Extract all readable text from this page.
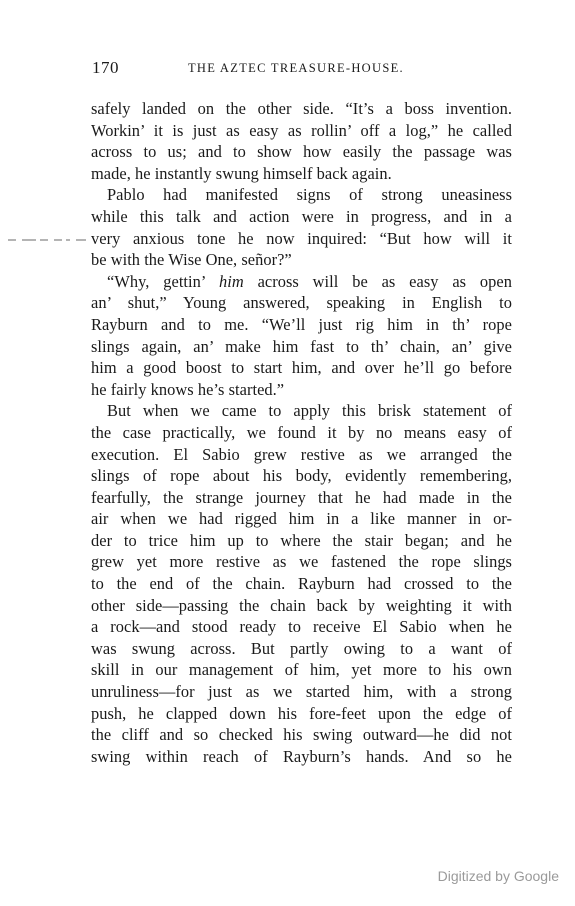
170	THE AZTEC TREASURE-HOUSE.
safely landed on the other side. “It’s a boss invention.
Workin’ it is just as easy as rollin’ off a log,” he called
across to us; and to show how easily the passage was
made, he instantly swung himself back again.
Pablo had manifested signs of strong uneasiness
while this talk and action were in progress, and in a
very anxious tone he now inquired: “But how will it
be with the Wise One, señor?”
“Why, gettin’ him across will be as easy as open
an’ shut,” Young answered, speaking in English to
Rayburn and to me. “We’ll just rig him in th’ rope
slings again, an’ make him fast to th’ chain, an’ give
him a good boost to start him, and over he’ll go before
he fairly knows he’s started.”
But when we came to apply this brisk statement of
the case practically, we found it by no means easy of
execution. El Sabio grew restive as we arranged the
slings of rope about his body, evidently remembering,
fearfully, the strange journey that he had made in the
air when we had rigged him in a like manner in or-
der to trice him up to where the stair began; and he
grew yet more restive as we fastened the rope slings
to the end of the chain. Rayburn had crossed to the
other side—passing the chain back by weighting it with
a rock—and stood ready to receive El Sabio when he
was swung across. But partly owing to a want of
skill in our management of him, yet more to his own
unruliness—for just as we started him, with a strong
push, he clapped down his fore-feet upon the edge of
the cliff and so checked his swing outward—he did not
swing within reach of Rayburn’s hands. And so he
Digitized by Google
